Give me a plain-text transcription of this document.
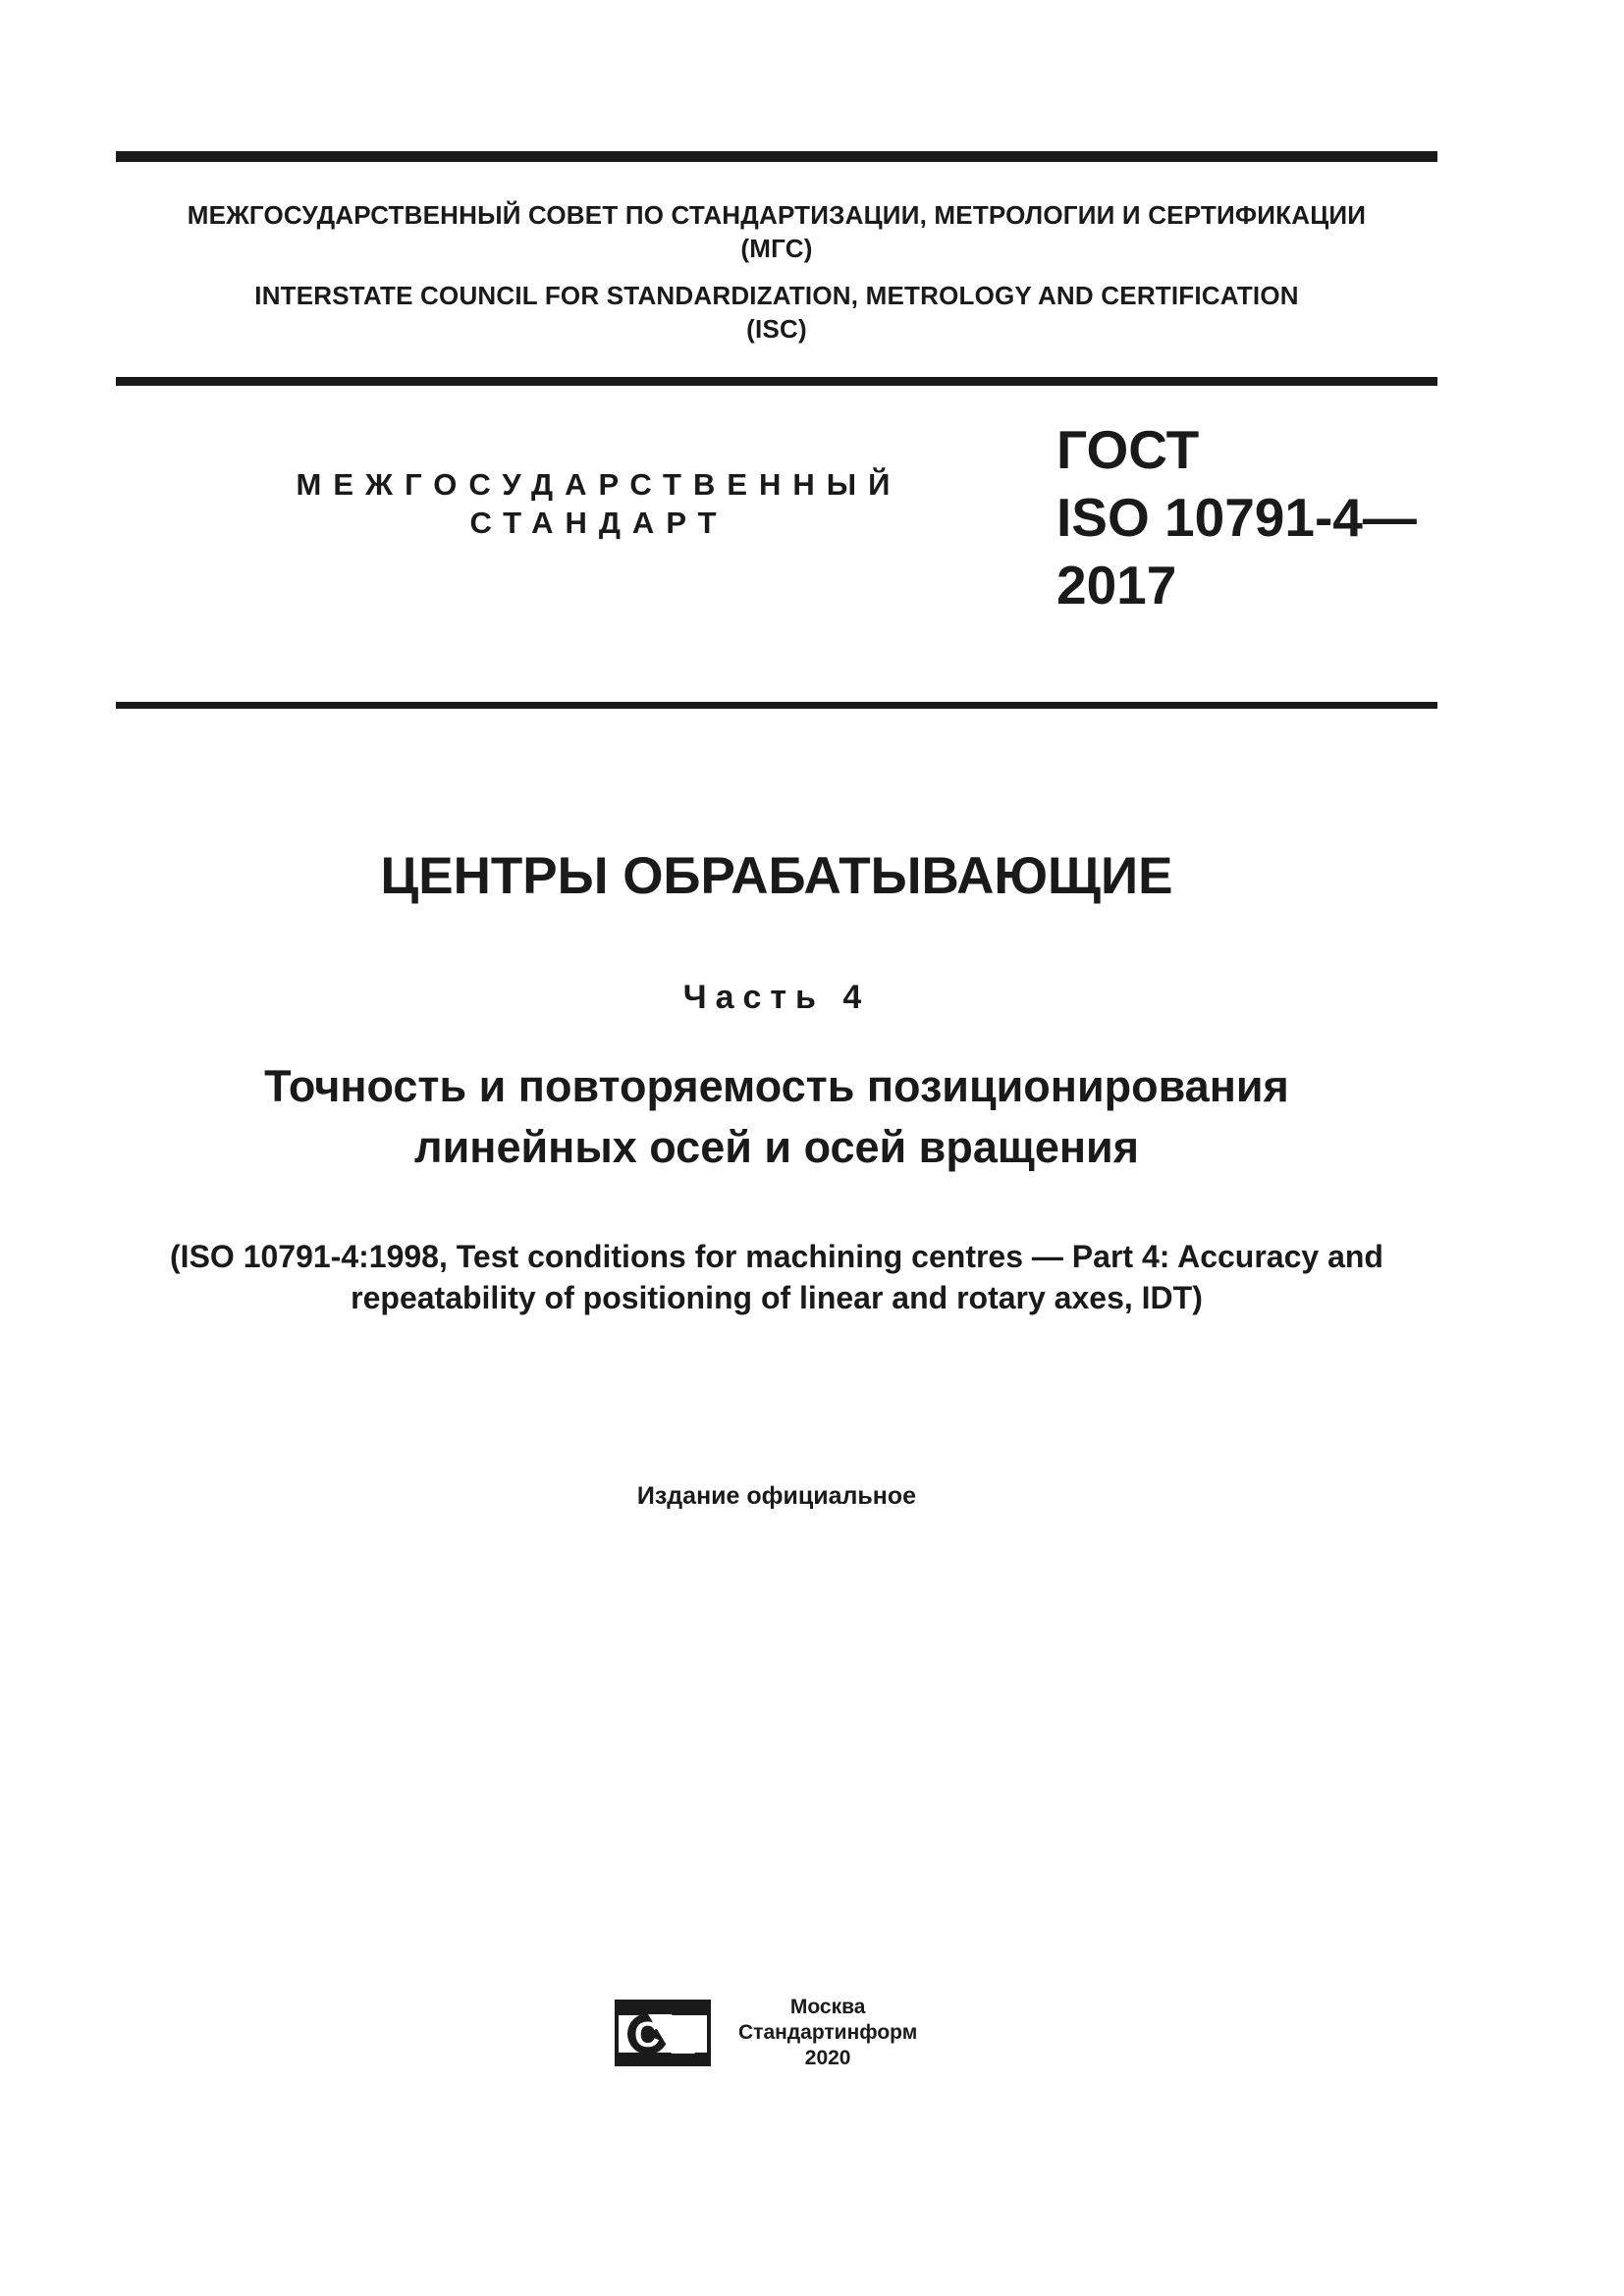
МЕЖГОСУДАРСТВЕННЫЙ СОВЕТ ПО СТАНДАРТИЗАЦИИ, МЕТРОЛОГИИ И СЕРТИФИКАЦИИ
(МГС)
INTERSTATE COUNCIL FOR STANDARDIZATION, METROLOGY AND CERTIFICATION
(ISC)
МЕЖГОСУДАРСТВЕННЫЙ
СТАНДАРТ
ГОСТ
ISO 10791-4—
2017
ЦЕНТРЫ ОБРАБАТЫВАЮЩИЕ
Часть 4
Точность и повторяемость позиционирования
линейных осей и осей вращения
(ISO 10791-4:1998, Test conditions for machining centres — Part 4: Accuracy and
repeatability of positioning of linear and rotary axes, IDT)
Издание официальное
СТИ
Москва
Стандартинформ
2020
